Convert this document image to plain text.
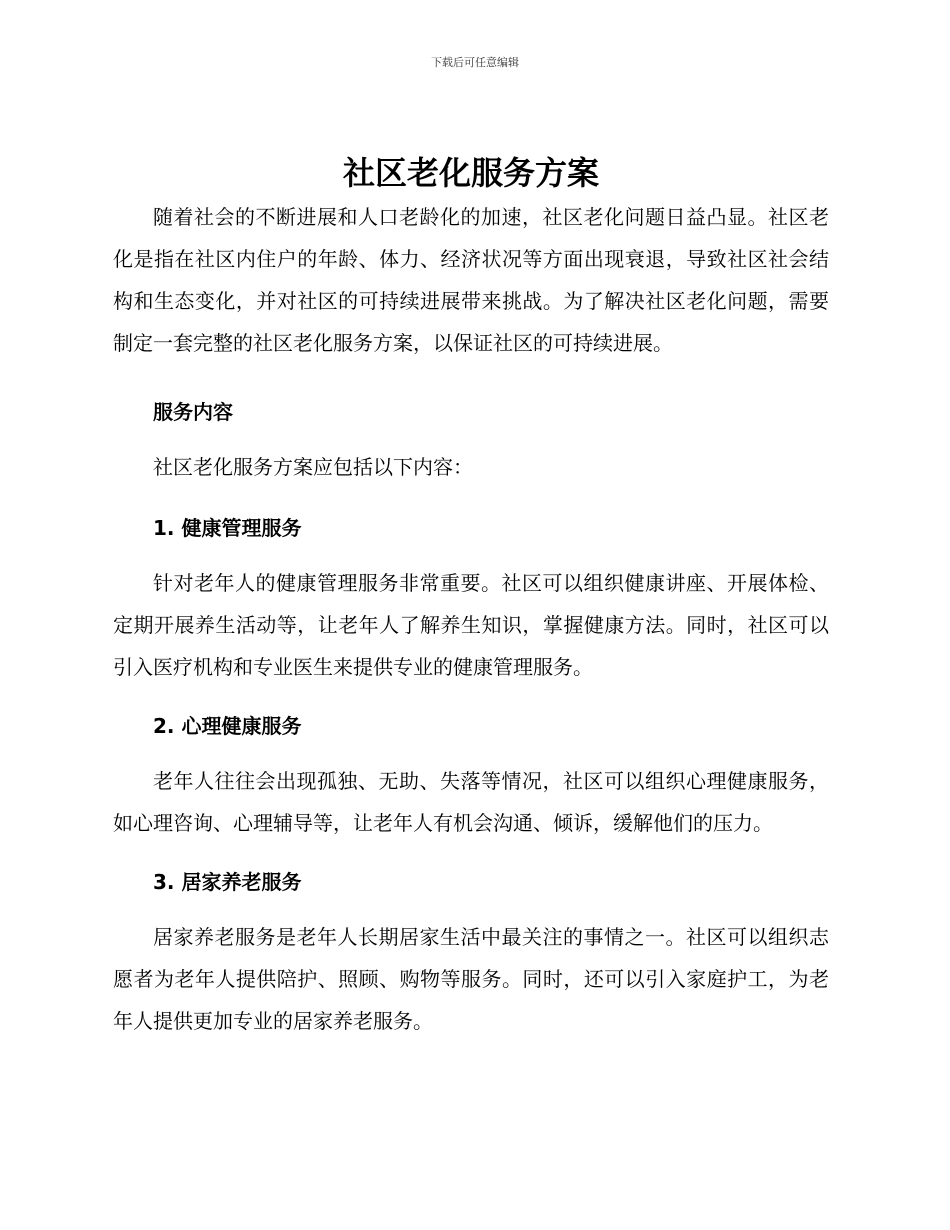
下载后可任意编辑
社区老化服务方案

随着社会的不断进展和人口老龄化的加速，社区老化问题日益凸显。社区老化是指在社区内住户的年龄、体力、经济状况等方面出现衰退，导致社区社会结构和生态变化，并对社区的可持续进展带来挑战。为了解决社区老化问题，需要制定一套完整的社区老化服务方案，以保证社区的可持续进展。

服务内容

社区老化服务方案应包括以下内容：

1. 健康管理服务

针对老年人的健康管理服务非常重要。社区可以组织健康讲座、开展体检、定期开展养生活动等，让老年人了解养生知识，掌握健康方法。同时，社区可以引入医疗机构和专业医生来提供专业的健康管理服务。

2. 心理健康服务

老年人往往会出现孤独、无助、失落等情况，社区可以组织心理健康服务，如心理咨询、心理辅导等，让老年人有机会沟通、倾诉，缓解他们的压力。

3. 居家养老服务

居家养老服务是老年人长期居家生活中最关注的事情之一。社区可以组织志愿者为老年人提供陪护、照顾、购物等服务。同时，还可以引入家庭护工，为老年人提供更加专业的居家养老服务。
